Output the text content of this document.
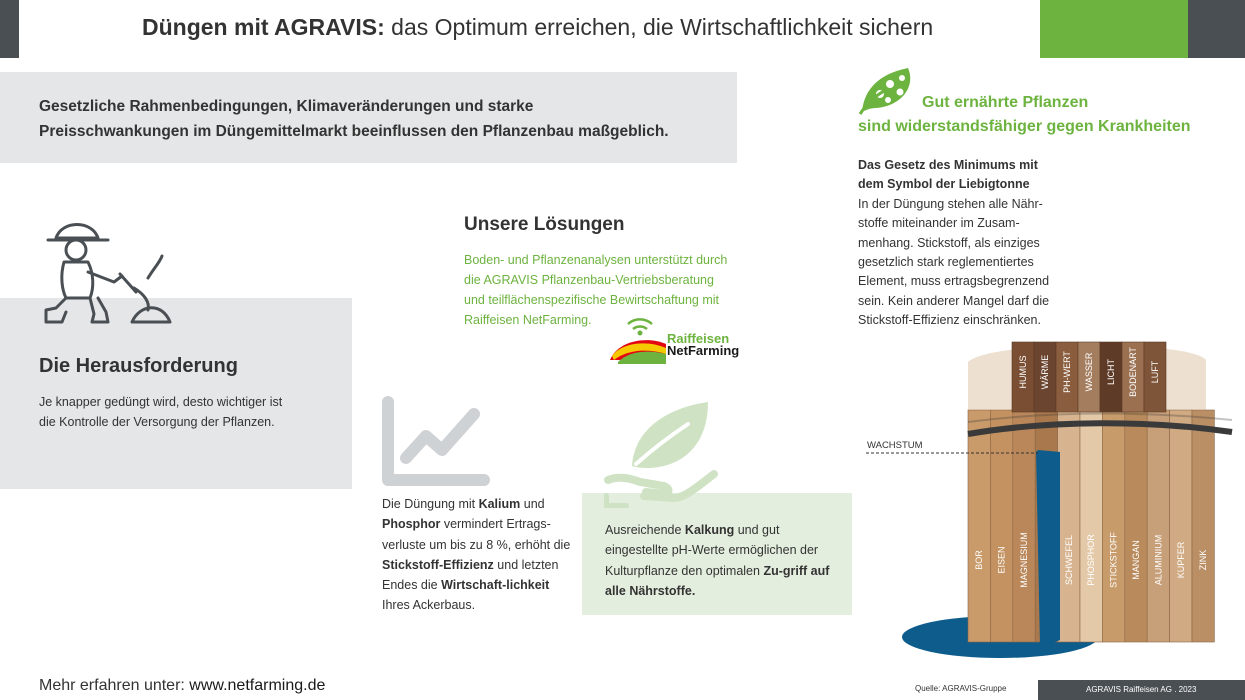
Düngen mit AGRAVIS: das Optimum erreichen, die Wirtschaftlichkeit sichern
Gesetzliche Rahmenbedingungen, Klimaveränderungen und starke
Preisschwankungen im Düngemittelmarkt beeinflussen den Pflanzenbau maßgeblich.
Gut ernährte Pflanzen
sind widerstandsfähiger gegen Krankheiten
Das Gesetz des Minimums mit
dem Symbol der Liebigtonne
In der Düngung stehen alle Nähr-
stoffe miteinander im Zusam-
menhang. Stickstoff, als einziges
gesetzlich stark reglementiertes
Element, muss ertragsbegrenzend
sein. Kein anderer Mangel darf die
Stickstoff-Effizienz einschränken.
Die Herausforderung
Je knapper gedüngt wird, desto wichtiger ist
die Kontrolle der Versorgung der Pflanzen.
Unsere Lösungen
Boden- und Pflanzenanalysen unterstützt durch
die AGRAVIS Pflanzenbau-Vertriebsberatung
und teilflächenspezifische Bewirtschaftung mit
Raiffeisen NetFarming.
Raiffeisen
NetFarming
Die Düngung mit Kalium und Phosphor vermindert Ertrags-verluste um bis zu 8 %, erhöht die Stickstoff-Effizienz und letzten Endes die Wirtschaft-lichkeit Ihres Ackerbaus.
Ausreichende Kalkung und gut eingestellte pH-Werte ermöglichen der Kulturpflanze den optimalen Zu-griff auf alle Nährstoffe.
BOR EISEN MAGNESIUM	SCHWEFEL PHOSPHOR STICKSTOFF MANGAN ALUMINIUM KUPFER ZINK
HUMUS WÄRME PH-WERT WASSER LICHT BODENART LUFT
WACHSTUM
Mehr erfahren unter: www.netfarming.de	Quelle: AGRAVIS-Gruppe	AGRAVIS Raiffeisen AG . 2023
